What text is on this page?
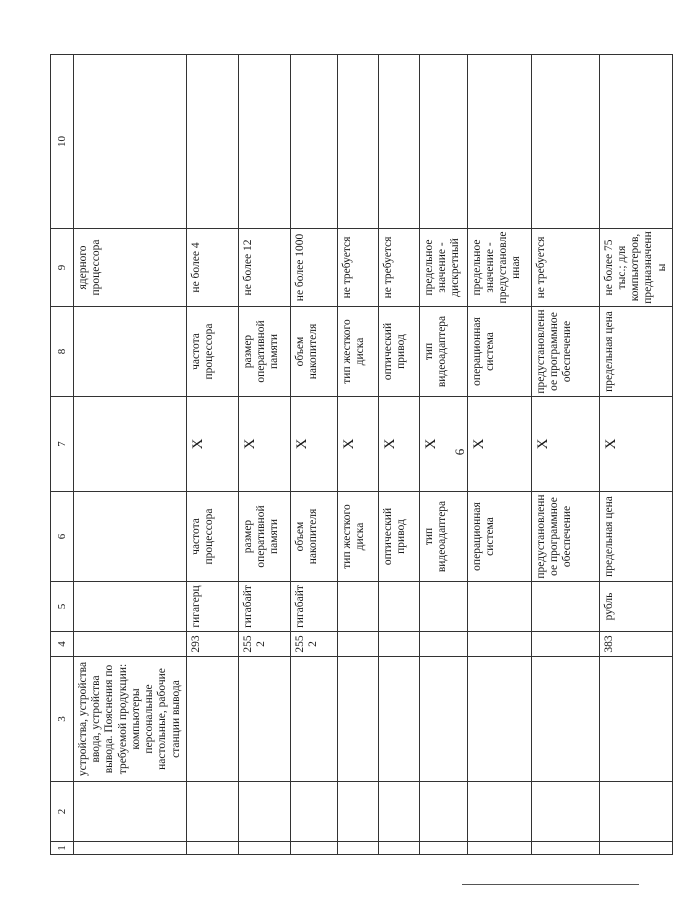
6
1	2	3	4	5	6	7	8	9	10
		устройства, устройства ввода, устройства вывода. Пояснения по требуемой продукции: компьютеры персональные настольные, рабочие станции вывода						ядерного процессора	
			293	гигагерц	частота процессора	X	частота процессора	не более 4	
			2552	гигабайт	размер оперативной памяти	X	размер оперативной памяти	не более 12	
			2552	гигабайт	объем накопителя	X	объем накопителя	не более 1000	
					тип жесткого диска	X	тип жесткого диска	не требуется	
					оптический привод	X	оптический привод	не требуется	
					тип видеоадаптера	X	тип видеоадаптера	предельное значение - дискретный	
					операционная система	X	операционная система	предельное значение - предустановленная	
					предустановленное программное обеспечение	X	предустановленное программное обеспечение	не требуется	
			383	рубль	предельная цена	X	предельная цена	не более 75 тыс.; для компьютеров, предназначенны	
